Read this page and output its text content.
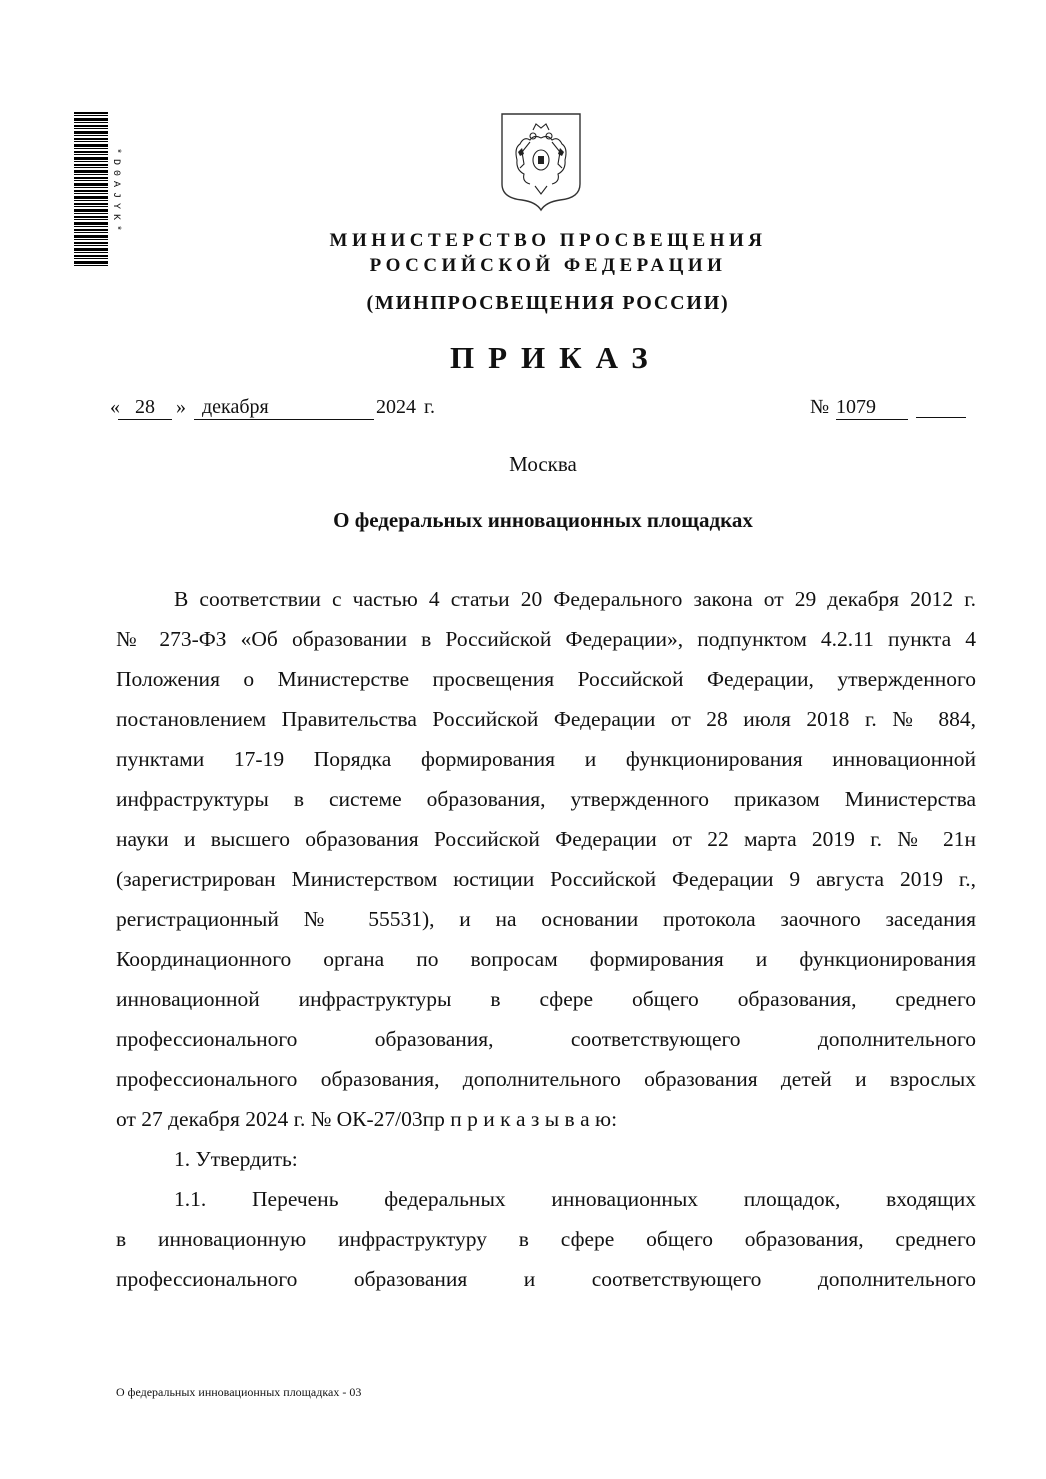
*D0AJYK*
МИНИСТЕРСТВО ПРОСВЕЩЕНИЯ
РОССИЙСКОЙ ФЕДЕРАЦИИ
(МИНПРОСВЕЩЕНИЯ РОССИИ)
ПРИКАЗ
« 28	» декабря	2024 г.	№ 1079
Москва
О федеральных инновационных площадках
В соответствии с частью 4 статьи 20 Федерального закона от 29 декабря 2012 г.
№ 273-ФЗ «Об образовании в Российской Федерации», подпунктом 4.2.11 пункта 4
Положения о Министерстве просвещения Российской Федерации, утвержденного
постановлением Правительства Российской Федерации от 28 июля 2018 г. № 884,
пунктами 17-19 Порядка формирования и функционирования инновационной
инфраструктуры в системе образования, утвержденного приказом Министерства
науки и высшего образования Российской Федерации от 22 марта 2019 г. № 21н
(зарегистрирован Министерством юстиции Российской Федерации 9 августа 2019 г.,
регистрационный № 55531), и на основании протокола заочного заседания
Координационного органа по вопросам формирования и функционирования
инновационной инфраструктуры в сфере общего образования, среднего
профессионального образования, соответствующего дополнительного
профессионального образования, дополнительного образования детей и взрослых
от 27 декабря 2024 г. № ОК-27/03пр п р и к а з ы в а ю:
1. Утвердить:
1.1. Перечень федеральных инновационных площадок, входящих
в инновационную инфраструктуру в сфере общего образования, среднего
профессионального образования и соответствующего дополнительного
О федеральных инновационных площадках - 03
